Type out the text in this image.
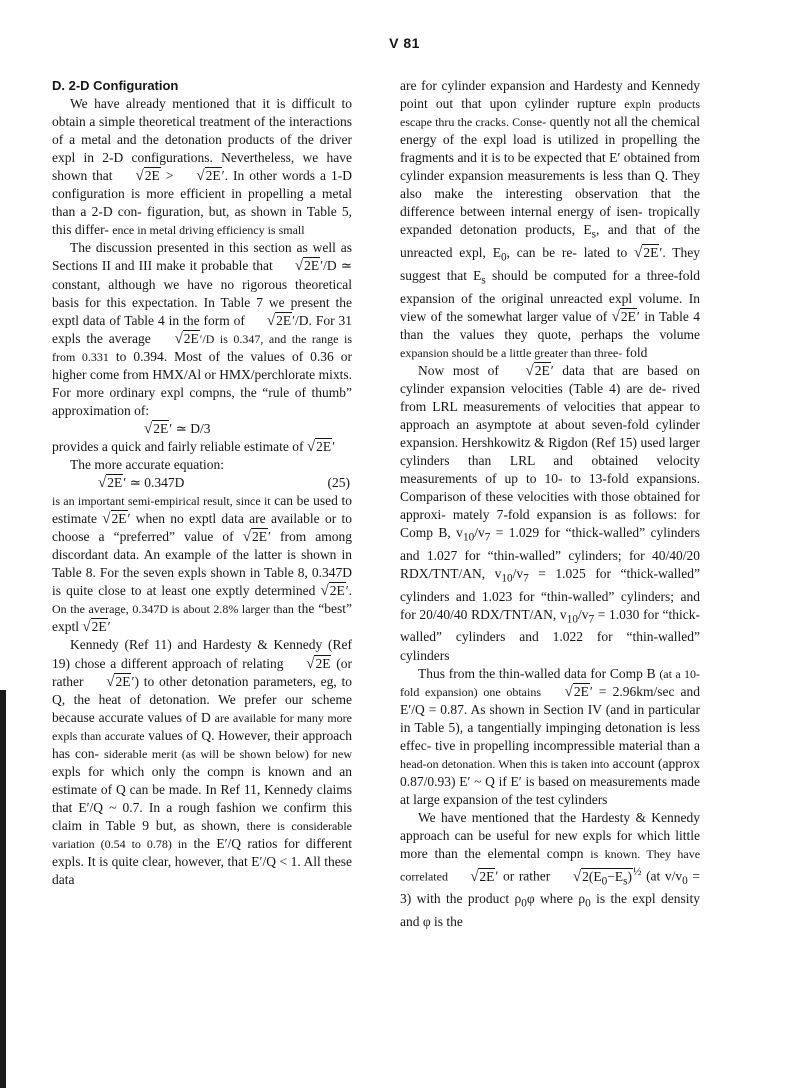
V 81

D. 2-D Configuration

We have already mentioned that it is difficult to obtain a simple theoretical treatment of the interactions of a metal and the detonation products of the driver expl in 2-D configurations. Nevertheless, we have shown that √2E > √2E′. In other words a 1-D configuration is more efficient in propelling a metal than a 2-D con- figuration, but, as shown in Table 5, this differ- ence in metal driving efficiency is small

The discussion presented in this section as well as Sections II and III make it probable that √2E′/D ≃ constant, although we have no rigorous theoretical basis for this expectation. In Table 7 we present the exptl data of Table 4 in the form of √2E′/D. For 31 expls the average √2E′/D is 0.347, and the range is from 0.331 to 0.394. Most of the values of 0.36 or higher come from HMX/Al or HMX/perchlorate mixts. For more ordinary expl compns, the “rule of thumb” approximation of:

√2E′ ≃ D/3

provides a quick and fairly reliable estimate of √2E′

The more accurate equation:

√2E′ ≃ 0.347D	(25)

is an important semi-empirical result, since it can be used to estimate √2E′ when no exptl data are available or to choose a “preferred” value of √2E′ from among discordant data. An example of the latter is shown in Table 8. For the seven expls shown in Table 8, 0.347D is quite close to at least one exptly determined √2E′. On the average, 0.347D is about 2.8% larger than the “best” exptl √2E′

Kennedy (Ref 11) and Hardesty & Kennedy (Ref 19) chose a different approach of relating √2E (or rather √2E′) to other detonation parameters, eg, to Q, the heat of detonation. We prefer our scheme because accurate values of D are available for many more expls than accurate values of Q. However, their approach has con- siderable merit (as will be shown below) for new expls for which only the compn is known and an estimate of Q can be made. In Ref 11, Kennedy claims that E′/Q ~ 0.7. In a rough fashion we confirm this claim in Table 9 but, as shown, there is considerable variation (0.54 to 0.78) in the E′/Q ratios for different expls. It is quite clear, however, that E′/Q < 1. All these data

are for cylinder expansion and Hardesty and Kennedy point out that upon cylinder rupture expln products escape thru the cracks. Conse- quently not all the chemical energy of the expl load is utilized in propelling the fragments and it is to be expected that E′ obtained from cylinder expansion measurements is less than Q. They also make the interesting observation that the difference between internal energy of isen- tropically expanded detonation products, $E_s$, and that of the unreacted expl, $E_0$, can be re- lated to √2E′. They suggest that $E_s$ should be computed for a three-fold expansion of the original unreacted expl volume. In view of the somewhat larger value of √2E′ in Table 4 than the values they quote, perhaps the volume expansion should be a little greater than three- fold

Now most of √2E′ data that are based on cylinder expansion velocities (Table 4) are de- rived from LRL measurements of velocities that appear to approach an asymptote at about seven-fold cylinder expansion. Hershkowitz & Rigdon (Ref 15) used larger cylinders than LRL and obtained velocity measurements of up to 10- to 13-fold expansions. Comparison of these velocities with those obtained for approxi- mately 7-fold expansion is as follows: for Comp B, $v_{10}/v_7 = 1.029$ for “thick-walled” cylinders and 1.027 for “thin-walled” cylinders; for 40/40/20 RDX/TNT/AN, $v_{10}/v_7 = 1.025$ for “thick-walled” cylinders and 1.023 for “thin-walled” cylinders; and for 20/40/40 RDX/TNT/AN, $v_{10}/v_7 = 1.030$ for “thick- walled” cylinders and 1.022 for “thin-walled” cylinders

Thus from the thin-walled data for Comp B (at a 10-fold expansion) one obtains √2E′ = 2.96km/sec and E′/Q = 0.87. As shown in Section IV (and in particular in Table 5), a tangentially impinging detonation is less effec- tive in propelling incompressible material than a head-on detonation. When this is taken into account (approx 0.87/0.93) E′ ~ Q if E′ is based on measurements made at large expansion of the test cylinders

We have mentioned that the Hardesty & Kennedy approach can be useful for new expls for which little more than the elemental compn is known. They have correlated √2E′ or rather $√2(E_0-E_s)^{\frac{1}{2}}$ (at $v/v_0 = 3$) with the product $\rho_0\varphi$ where $\rho_0$ is the expl density and φ is the
